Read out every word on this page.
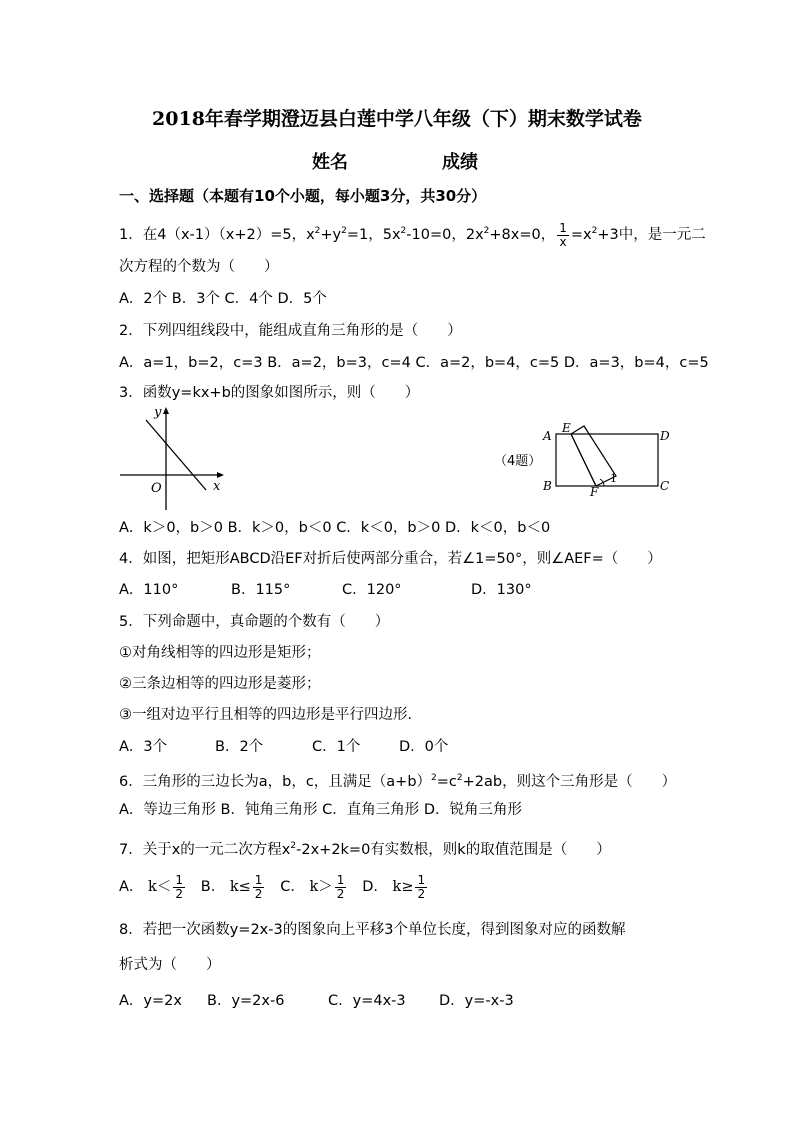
2018年春学期澄迈县白莲中学八年级（下）期末数学试卷
姓名	成绩
一、选择题（本题有10个小题，每小题3分，共30分）
1．在4（x-1）（x+2）=5，$x^2+y^2=1$，$5x^2-10=0$，$2x^2+8x=0$， $\frac{1}{x} =x^2+3$中，是一元二
次方程的个数为（　　）
A．2个 B．3个 C．4个 D．5个
2．下列四组线段中，能组成直角三角形的是（　　）
A．a=1，b=2，c=3 B．a=2，b=3，c=4 C．a=2，b=4，c=5 D．a=3，b=4，c=5
3．函数y=kx+b的图象如图所示，则（　　）
y
x
O
（4题）
A
E
D
B	F	C
1
A．k＞0，b＞0 B．k＞0，b＜0 C．k＜0，b＞0 D．k＜0，b＜0
4．如图，把矩形ABCD沿EF对折后使两部分重合，若∠1=50°，则∠AEF=（　　）
A．110°	B．115°	C．120°	D．130°
5．下列命题中，真命题的个数有（　　）
①对角线相等的四边形是矩形；
②三条边相等的四边形是菱形；
③一组对边平行且相等的四边形是平行四边形．
A．3个	B．2个	C．1个	D．0个
6．三角形的三边长为a，b，c，且满足$(a+b)^2=c^2+2ab$，则这个三角形是（　　）
A．等边三角形 B．钝角三角形 C．直角三角形 D．锐角三角形
7．关于x的一元二次方程$x^2-2x+2k=0$有实数根，则k的取值范围是（　　）
A． $k< \frac{1}{2}$ B． $k\le \frac{1}{2}$ C． $k> \frac{1}{2}$ D． $k\ge \frac{1}{2}$
8．若把一次函数y=2x-3的图象向上平移3个单位长度，得到图象对应的函数解
析式为（　　）
A．y=2x B．y=2x-6	C．y=4x-3 D．y=-x-3
